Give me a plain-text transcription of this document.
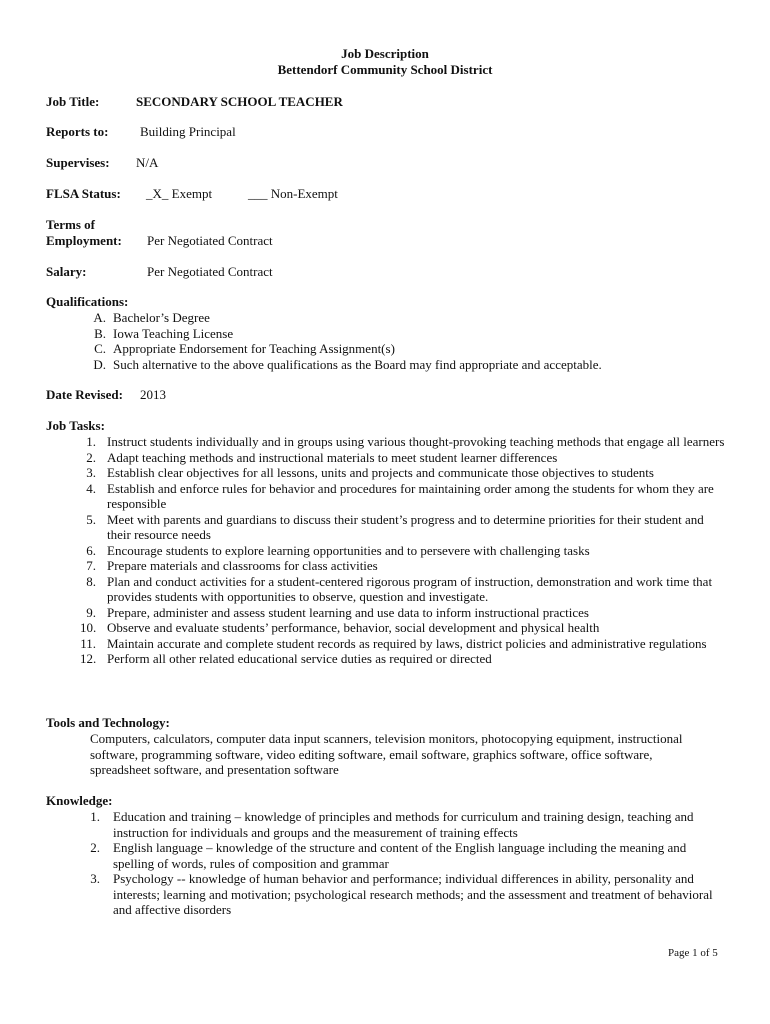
Job Description
Bettendorf Community School District
Job Title:	SECONDARY SCHOOL TEACHER
Reports to: Building Principal
Supervises: N/A
FLSA Status: _X_ Exempt	___ Non-Exempt
Terms of
Employment: Per Negotiated Contract
Salary:	Per Negotiated Contract
Qualifications:
A. Bachelor’s Degree
B. Iowa Teaching License
C. Appropriate Endorsement for Teaching Assignment(s)
D. Such alternative to the above qualifications as the Board may find appropriate and acceptable.
Date Revised: 2013
Job Tasks:
1. Instruct students individually and in groups using various thought-provoking teaching methods that engage all learners
2. Adapt teaching methods and instructional materials to meet student learner differences
3. Establish clear objectives for all lessons, units and projects and communicate those objectives to students
4. Establish and enforce rules for behavior and procedures for maintaining order among the students for whom they are responsible
5. Meet with parents and guardians to discuss their student’s progress and to determine priorities for their student and their resource needs
6. Encourage students to explore learning opportunities and to persevere with challenging tasks
7. Prepare materials and classrooms for class activities
8. Plan and conduct activities for a student-centered rigorous program of instruction, demonstration and work time that provides students with opportunities to observe, question and investigate.
9. Prepare, administer and assess student learning and use data to inform instructional practices
10. Observe and evaluate students’ performance, behavior, social development and physical health
11. Maintain accurate and complete student records as required by laws, district policies and administrative regulations
12. Perform all other related educational service duties as required or directed
Tools and Technology:
Computers, calculators, computer data input scanners, television monitors, photocopying equipment, instructional software, programming software, video editing software, email software, graphics software, office software, spreadsheet software, and presentation software
Knowledge:
1. Education and training – knowledge of principles and methods for curriculum and training design, teaching and instruction for individuals and groups and the measurement of training effects
2. English language – knowledge of the structure and content of the English language including the meaning and spelling of words, rules of composition and grammar
3. Psychology -- knowledge of human behavior and performance; individual differences in ability, personality and interests; learning and motivation; psychological research methods; and the assessment and treatment of behavioral and affective disorders
Page 1 of 5
